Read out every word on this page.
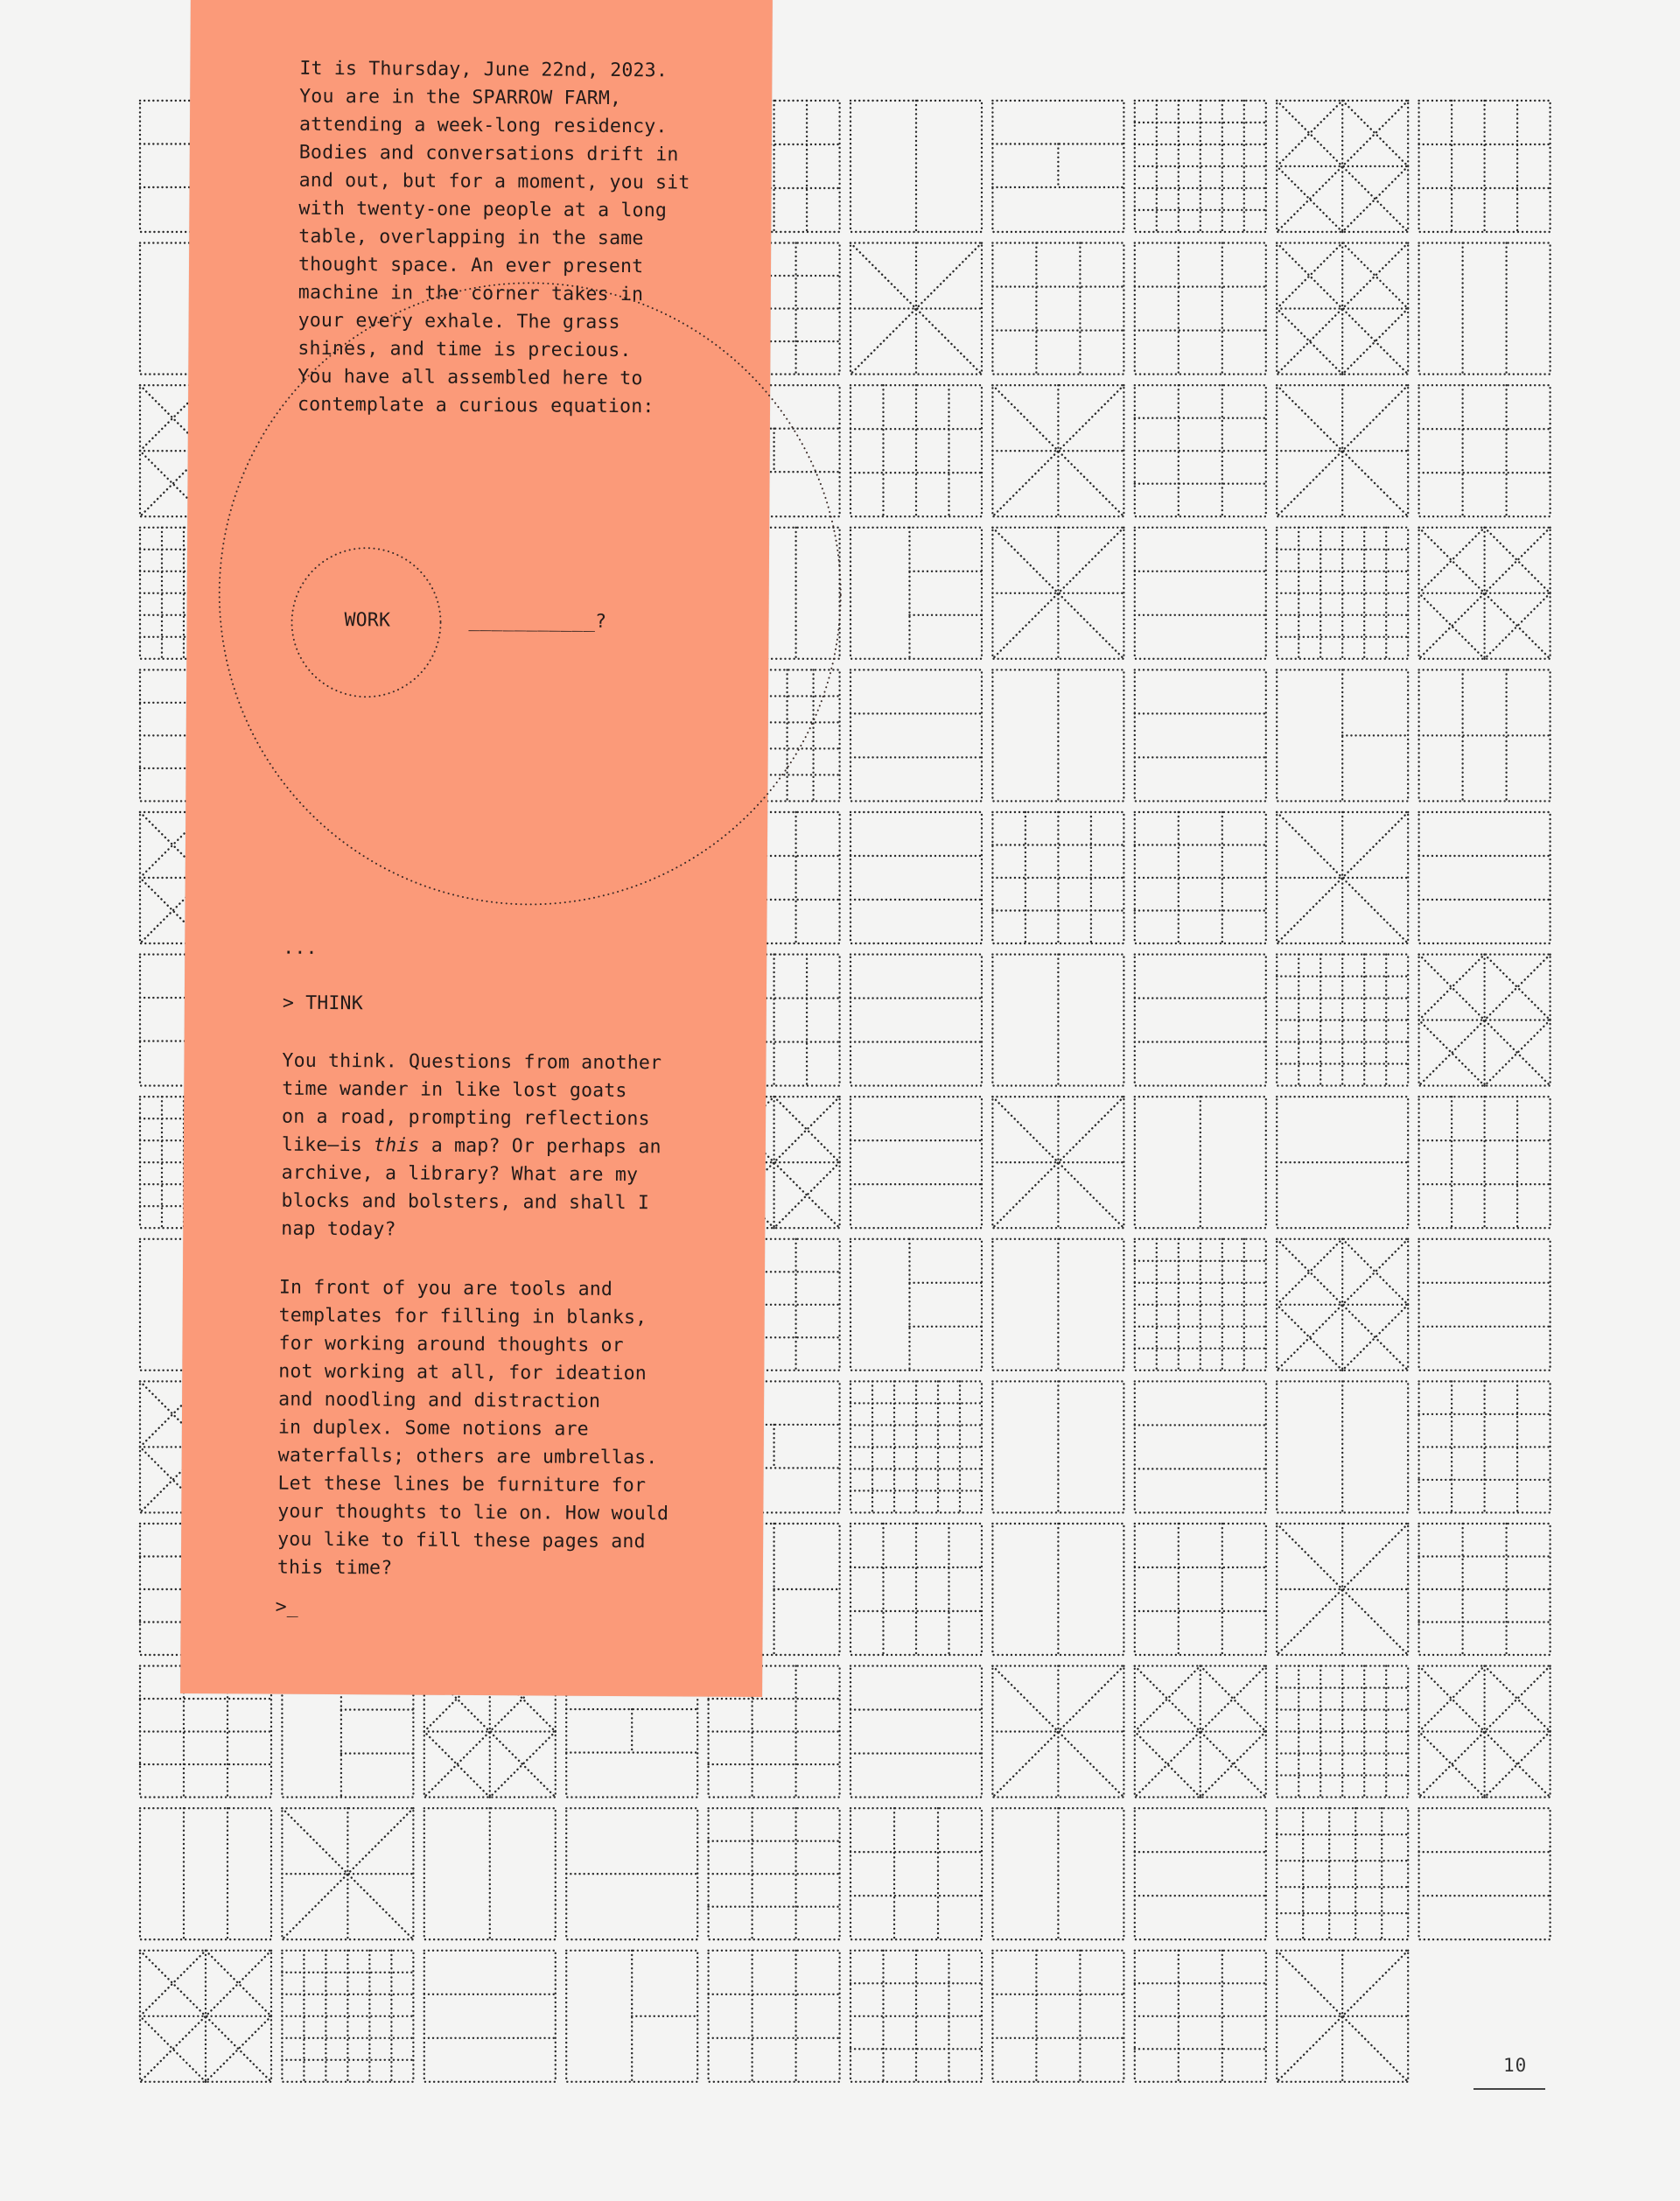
It is Thursday, June 22nd, 2023.
You are in the SPARROW FARM,
attending a week-long residency.
Bodies and conversations drift in
and out, but for a moment, you sit
with twenty-one people at a long
table, overlapping in the same
thought space. An ever present
machine in the corner takes in
your every exhale. The grass
shines, and time is precious.
You have all assembled here to
contemplate a curious equation:

WORK	___________?
...
> THINK

You think. Questions from another
time wander in like lost goats
on a road, prompting reflections
like—is this a map? Or perhaps an
archive, a library? What are my
blocks and bolsters, and shall I
nap today?

In front of you are tools and
templates for filling in blanks,
for working around thoughts or
not working at all, for ideation
and noodling and distraction
in duplex. Some notions are
waterfalls; others are umbrellas.
Let these lines be furniture for
your thoughts to lie on. How would
you like to fill these pages and
this time?

>_
10
